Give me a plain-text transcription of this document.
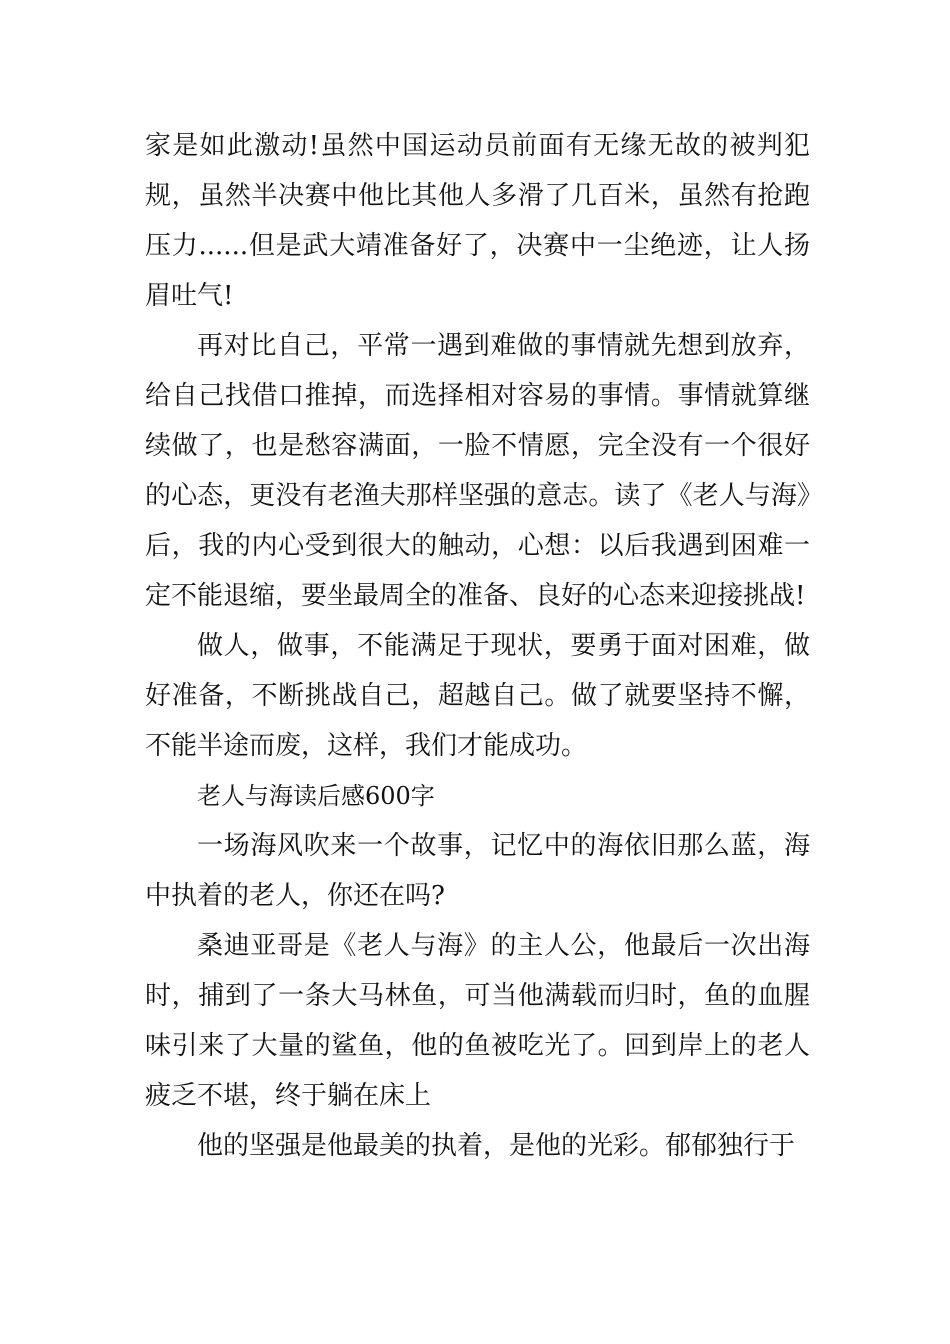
家是如此激动!虽然中国运动员前面有无缘无故的被判犯规，虽然半决赛中他比其他人多滑了几百米，虽然有抢跑压力......但是武大靖准备好了，决赛中一尘绝迹，让人扬眉吐气!

再对比自己，平常一遇到难做的事情就先想到放弃，给自己找借口推掉，而选择相对容易的事情。事情就算继续做了，也是愁容满面，一脸不情愿，完全没有一个很好的心态，更没有老渔夫那样坚强的意志。读了《老人与海》后，我的内心受到很大的触动，心想：以后我遇到困难一定不能退缩，要坐最周全的准备、良好的心态来迎接挑战!

做人，做事，不能满足于现状，要勇于面对困难，做好准备，不断挑战自己，超越自己。做了就要坚持不懈，不能半途而废，这样，我们才能成功。

老人与海读后感600字

一场海风吹来一个故事，记忆中的海依旧那么蓝，海中执着的老人，你还在吗?

桑迪亚哥是《老人与海》的主人公，他最后一次出海时，捕到了一条大马林鱼，可当他满载而归时，鱼的血腥味引来了大量的鲨鱼，他的鱼被吃光了。回到岸上的老人疲乏不堪，终于躺在床上

他的坚强是他最美的执着，是他的光彩。郁郁独行于
